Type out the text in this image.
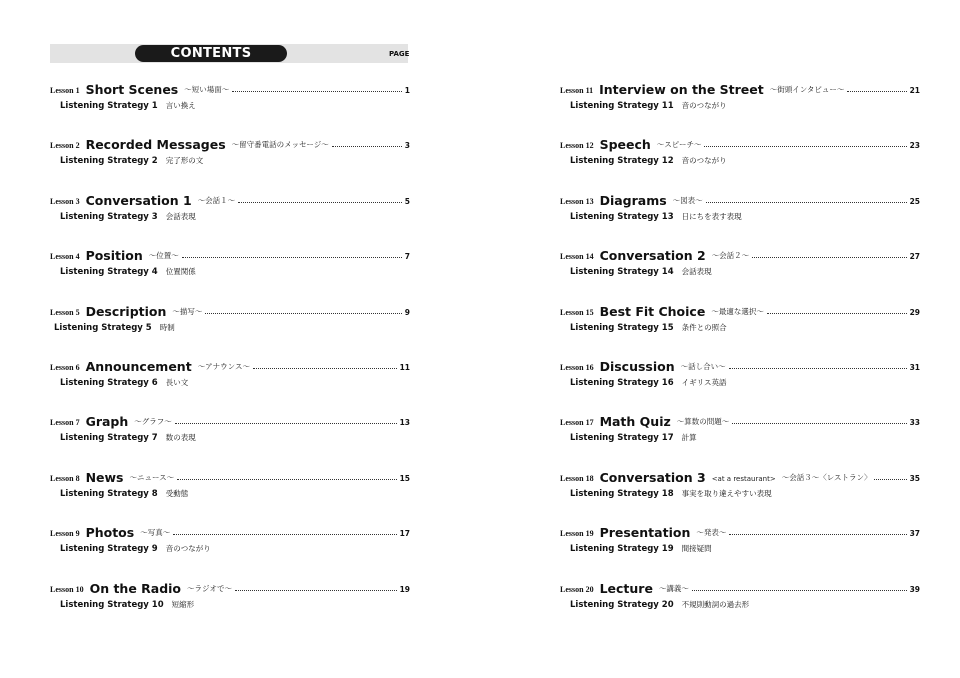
CONTENTS	PAGE
Lesson 1 Short Scenes 〜短い場面〜	1
Listening Strategy 1 言い換え
Lesson 2 Recorded Messages 〜留守番電話のメッセージ〜	3
Listening Strategy 2 完了形の文
Lesson 3 Conversation 1 〜会話１〜	5
Listening Strategy 3 会話表現
Lesson 4 Position 〜位置〜	7
Listening Strategy 4 位置関係
Lesson 5 Description 〜描写〜	9
Listening Strategy 5 時制
Lesson 6 Announcement 〜アナウンス〜	11
Listening Strategy 6 長い文
Lesson 7 Graph 〜グラフ〜	13
Listening Strategy 7 数の表現
Lesson 8 News 〜ニュース〜	15
Listening Strategy 8 受動態
Lesson 9 Photos 〜写真〜	17
Listening Strategy 9 音のつながり
Lesson 10 On the Radio 〜ラジオで〜	19
Listening Strategy 10 短縮形
Lesson 11 Interview on the Street 〜街頭インタビュー〜	21
Listening Strategy 11 音のつながり
Lesson 12 Speech 〜スピーチ〜	23
Listening Strategy 12 音のつながり
Lesson 13 Diagrams 〜図表〜	25
Listening Strategy 13 日にちを表す表現
Lesson 14 Conversation 2 〜会話２〜	27
Listening Strategy 14 会話表現
Lesson 15 Best Fit Choice 〜最適な選択〜	29
Listening Strategy 15 条件との照合
Lesson 16 Discussion 〜話し合い〜	31
Listening Strategy 16 イギリス英語
Lesson 17 Math Quiz 〜算数の問題〜	33
Listening Strategy 17 計算
Lesson 18 Conversation 3 <at a restaurant> 〜会話３〜〈レストラン〉	35
Listening Strategy 18 事実を取り違えやすい表現
Lesson 19 Presentation 〜発表〜	37
Listening Strategy 19 間接疑問
Lesson 20 Lecture 〜講義〜	39
Listening Strategy 20 不規則動詞の過去形
